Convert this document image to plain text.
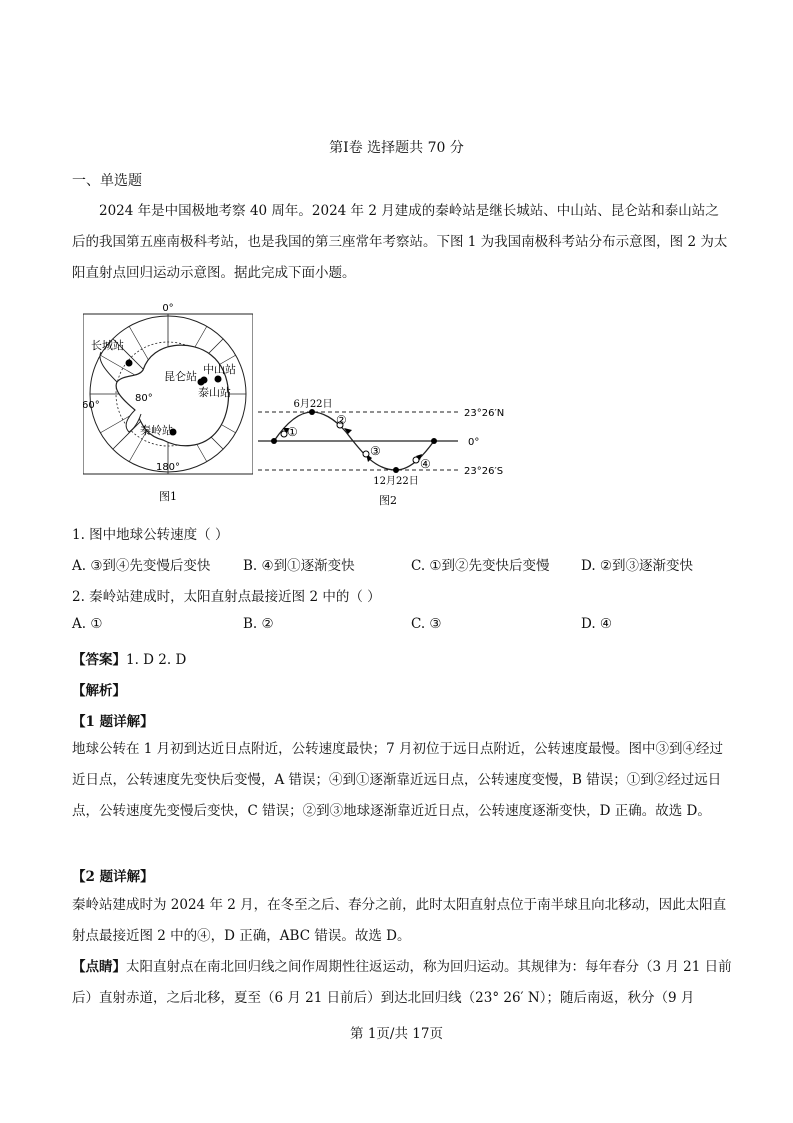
第Ⅰ卷 选择题共 70 分
一、单选题
2024 年是中国极地考察 40 周年。2024 年 2 月建成的秦岭站是继长城站、中山站、昆仑站和泰山站之后的我国第五座南极科考站，也是我国的第三座常年考察站。下图 1 为我国南极科考站分布示意图，图 2 为太阳直射点回归运动示意图。据此完成下面小题。
0°
60°
80°
180°
长城站
昆仑站
中山站
泰山站
秦岭站
图1
①
②
③
④
6月22日
12月22日
23°26′N
0°
23°26′S
图2
1. 图中地球公转速度（ ）
A. ③到④先变慢后变快 B. ④到①逐渐变快	C. ①到②先变快后变慢 D. ②到③逐渐变快
2. 秦岭站建成时，太阳直射点最接近图 2 中的（ ）
A. ①	B. ②	C. ③	D. ④
【答案】1. D 2. D
【解析】
【1 题详解】
地球公转在 1 月初到达近日点附近，公转速度最快；7 月初位于远日点附近，公转速度最慢。图中③到④经过近日点，公转速度先变快后变慢，A 错误；④到①逐渐靠近远日点，公转速度变慢，B 错误；①到②经过远日点，公转速度先变慢后变快，C 错误；②到③地球逐渐靠近近日点，公转速度逐渐变快，D 正确。故选 D。
【2 题详解】
秦岭站建成时为 2024 年 2 月，在冬至之后、春分之前，此时太阳直射点位于南半球且向北移动，因此太阳直射点最接近图 2 中的④，D 正确，ABC 错误。故选 D。
【点睛】太阳直射点在南北回归线之间作周期性往返运动，称为回归运动。其规律为：每年春分（3 月 21 日前后）直射赤道，之后北移，夏至（6 月 21 日前后）到达北回归线（23° 26′ N）；随后南返，秋分（9 月
第 1页/共 17页
